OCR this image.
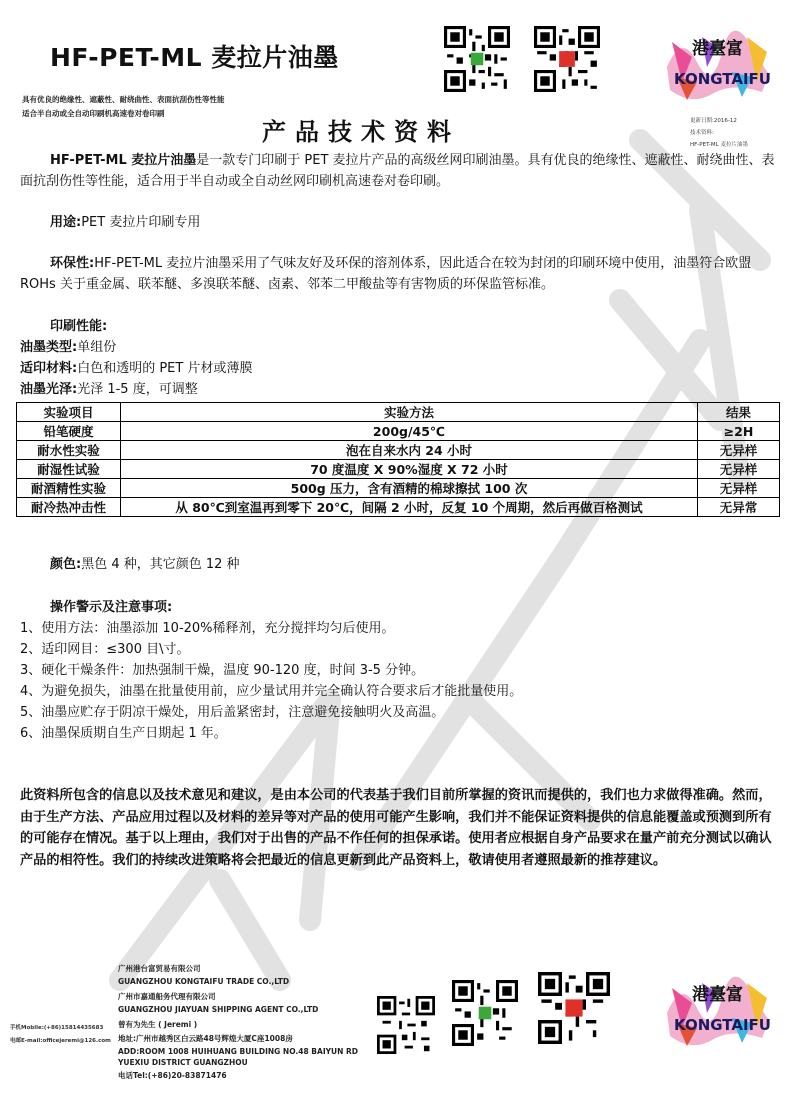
HF-PET-ML 麦拉片油墨
具有优良的绝缘性、遮蔽性、耐绕曲性、表面抗刮伤性等性能
适合半自动或全自动印刷机高速卷对卷印刷
产品技术资料	更新日期:2016-12
技术资料:
HF-PET-ML 麦拉片油墨
港臺富
KONGTAIFU
HF-PET-ML 麦拉片油墨是一款专门印刷于 PET 麦拉片产品的高级丝网印刷油墨。具有优良的绝缘性、遮蔽性、耐绕曲性、表面抗刮伤性等性能，适合用于半自动或全自动丝网印刷机高速卷对卷印刷。
用途:PET 麦拉片印刷专用
环保性:HF-PET-ML 麦拉片油墨采用了气味友好及环保的溶剂体系，因此适合在较为封闭的印刷环境中使用，油墨符合欧盟 ROHs 关于重金属、联苯醚、多溴联苯醚、卤素、邻苯二甲酸盐等有害物质的环保监管标准。
印刷性能:
油墨类型:单组份
适印材料:白色和透明的 PET 片材或薄膜
油墨光泽:光泽 1-5 度，可调整
实验项目	实验方法	结果
铅笔硬度	200g/45℃	≥2H
耐水性实验	泡在自来水内 24 小时	无异样
耐湿性试验	70 度温度 X 90%湿度 X 72 小时	无异样
耐酒精性实验	500g 压力，含有酒精的棉球擦拭 100 次	无异样
耐冷热冲击性	从 80℃到室温再到零下 20℃，间隔 2 小时，反复 10 个周期，然后再做百格测试	无异常
颜色:黑色 4 种，其它颜色 12 种
操作警示及注意事项:
1、使用方法：油墨添加 10-20%稀释剂，充分搅拌均匀后使用。
2、适印网目：≤300 目\寸。
3、硬化干燥条件：加热强制干燥，温度 90-120 度，时间 3-5 分钟。
4、为避免损失，油墨在批量使用前，应少量试用并完全确认符合要求后才能批量使用。
5、油墨应贮存于阴凉干燥处，用后盖紧密封，注意避免接触明火及高温。
6、油墨保质期自生产日期起 1 年。
此资料所包含的信息以及技术意见和建议，是由本公司的代表基于我们目前所掌握的资讯而提供的，我们也力求做得准确。然而，由于生产方法、产品应用过程以及材料的差异等对产品的使用可能产生影响，我们并不能保证资料提供的信息能覆盖或预测到所有的可能存在情况。基于以上理由，我们对于出售的产品不作任何的担保承诺。使用者应根据自身产品要求在量产前充分测试以确认产品的相符性。我们的持续改进策略将会把最近的信息更新到此产品资料上，敬请使用者遵照最新的推荐建议。
广州港台富贸易有限公司
GUANGZHOU KONGTAIFU TRADE CO.,LTD
广州市嘉通船务代理有限公司
GUANGZHOU JIAYUAN SHIPPING AGENT CO.,LTD
曾有为先生 ( Jeremi )
地址:广州市越秀区白云路48号辉煌大厦C座1008房
ADD:ROOM 1008 HUIHUANG BUILDING NO.48 BAIYUN RD
YUEXIU DISTRICT GUANGZHOU
电话Tel:(+86)20-83871476
手机Mobile:(+86)15814435683
电邮E-mail:officejeremi@126.com
港臺富
KONGTAIFU
